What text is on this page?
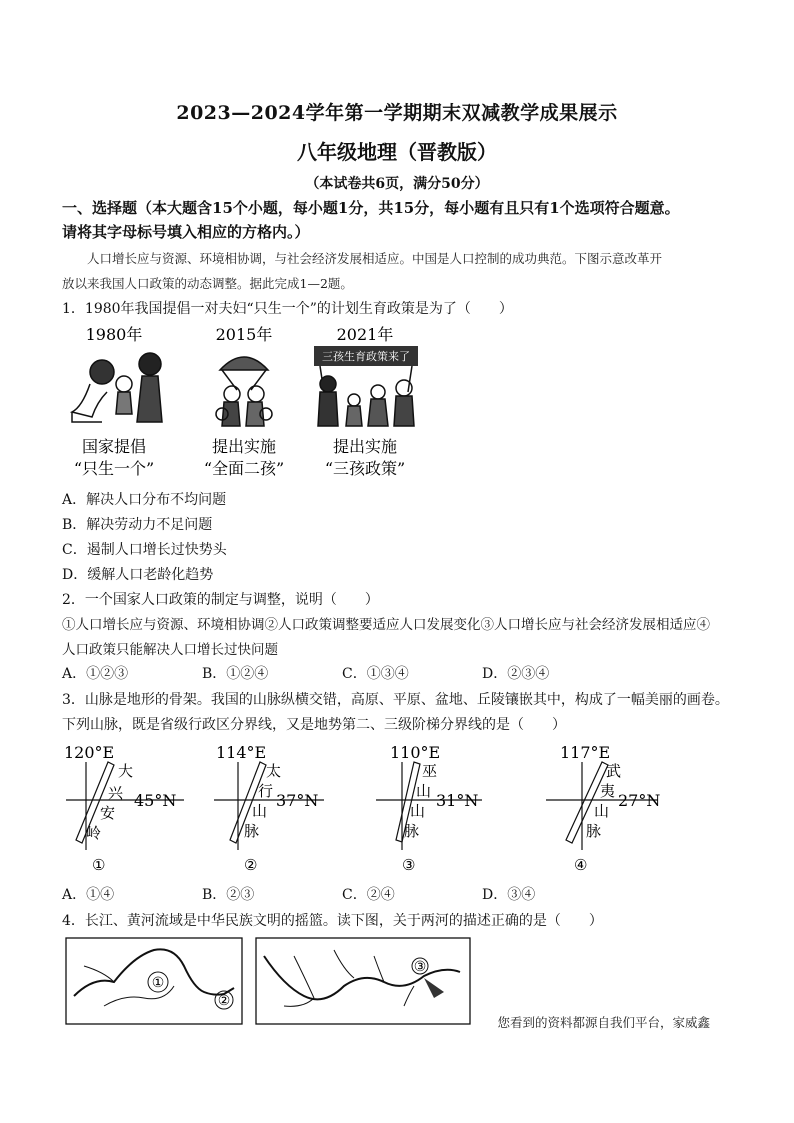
2023—2024学年第一学期期末双减教学成果展示
八年级地理（晋教版）
（本试卷共6页，满分50分）
一、选择题（本大题含15个小题，每小题1分，共15分，每小题有且只有1个选项符合题意。
请将其字母标号填入相应的方格内。）
人口增长应与资源、环境相协调，与社会经济发展相适应。中国是人口控制的成功典范。下图示意改革开
放以来我国人口政策的动态调整。据此完成1—2题。
1．1980年我国提倡一对夫妇“只生一个”的计划生育政策是为了（　　）
1980年
国家提倡
“只生一个”
2015年
提出实施
“全面二孩”
2021年
三孩生育政策来了
提出实施
“三孩政策”
A．解决人口分布不均问题
B．解决劳动力不足问题
C．遏制人口增长过快势头
D．缓解人口老龄化趋势
2．一个国家人口政策的制定与调整，说明（　　）
①人口增长应与资源、环境相协调②人口政策调整要适应人口发展变化③人口增长应与社会经济发展相适应④
人口政策只能解决人口增长过快问题
A．①②③	B．①②④	C．①③④	D．②③④
3．山脉是地形的骨架。我国的山脉纵横交错，高原、平原、盆地、丘陵镶嵌其中，构成了一幅美丽的画卷。
下列山脉，既是省级行政区分界线，又是地势第二、三级阶梯分界线的是（　　）
120°E
大
兴
安
岭
45°N
①
114°E
太
行
山
脉
37°N
②
110°E
巫
山
山
脉
31°N
③
117°E
武
夷
山
脉
27°N
④
A．①④	B．②③	C．②④	D．③④
4．长江、黄河流域是中华民族文明的摇篮。读下图，关于两河的描述正确的是（　　）
①
②
③
您看到的资料都源自我们平台，家威鑫
